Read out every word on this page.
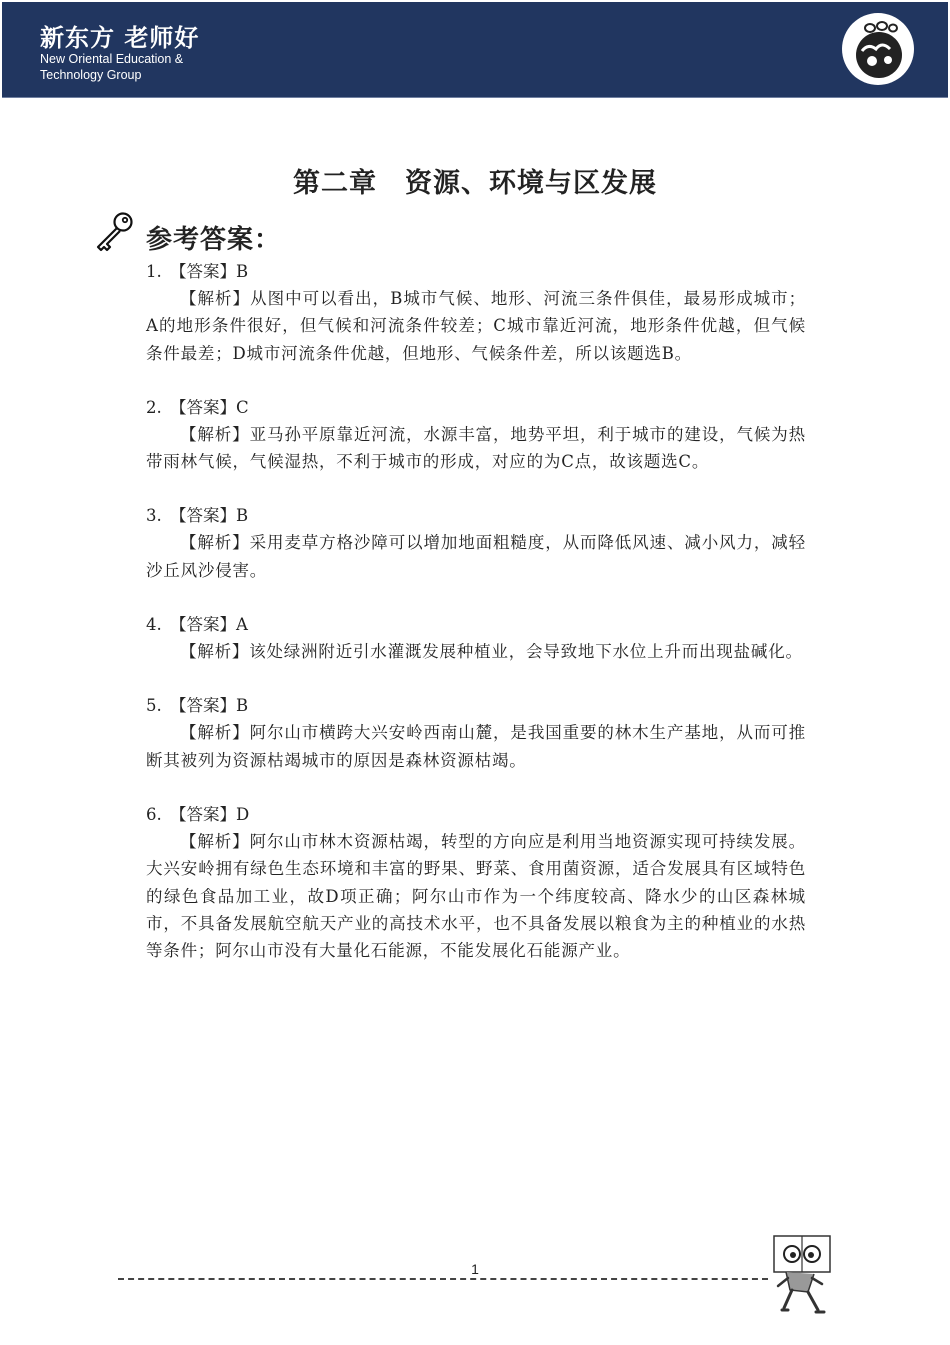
新东方 老师好
New Oriental Education &
Technology Group
第二章　资源、环境与区发展
参考答案：
1.　【答案】B
【解析】从图中可以看出，B城市气候、地形、河流三条件俱佳，最易形成城市；A的地形条件很好，但气候和河流条件较差；C城市靠近河流，地形条件优越，但气候条件最差；D城市河流条件优越，但地形、气候条件差，所以该题选B。
2.　【答案】C
【解析】亚马孙平原靠近河流，水源丰富，地势平坦，利于城市的建设，气候为热带雨林气候，气候湿热，不利于城市的形成，对应的为C点，故该题选C。
3.　【答案】B
【解析】采用麦草方格沙障可以增加地面粗糙度，从而降低风速、减小风力，减轻沙丘风沙侵害。
4.　【答案】A
【解析】该处绿洲附近引水灌溉发展种植业，会导致地下水位上升而出现盐碱化。
5.　【答案】B
【解析】阿尔山市横跨大兴安岭西南山麓，是我国重要的林木生产基地，从而可推断其被列为资源枯竭城市的原因是森林资源枯竭。
6.　【答案】D
【解析】阿尔山市林木资源枯竭，转型的方向应是利用当地资源实现可持续发展。大兴安岭拥有绿色生态环境和丰富的野果、野菜、食用菌资源，适合发展具有区域特色的绿色食品加工业，故D项正确；阿尔山市作为一个纬度较高、降水少的山区森林城市，不具备发展航空航天产业的高技术水平，也不具备发展以粮食为主的种植业的水热等条件；阿尔山市没有大量化石能源，不能发展化石能源产业。
1
